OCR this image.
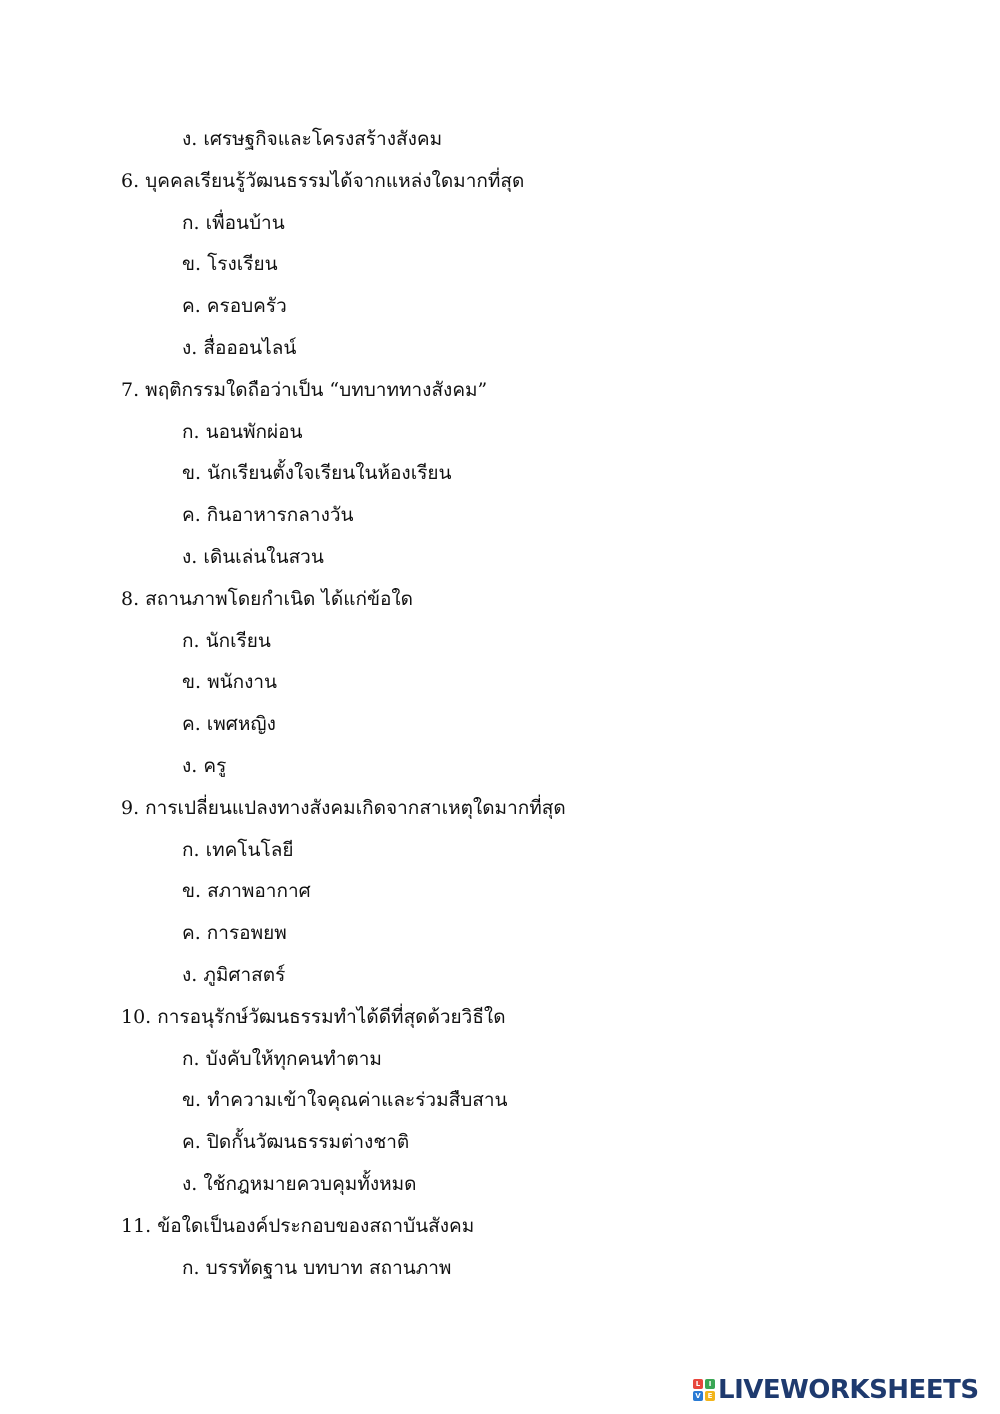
ง. เศรษฐกิจและโครงสร้างสังคม
6. บุคคลเรียนรู้วัฒนธรรมได้จากแหล่งใดมากที่สุด
ก. เพื่อนบ้าน
ข. โรงเรียน
ค. ครอบครัว
ง. สื่อออนไลน์
7. พฤติกรรมใดถือว่าเป็น “บทบาททางสังคม”
ก. นอนพักผ่อน
ข. นักเรียนตั้งใจเรียนในห้องเรียน
ค. กินอาหารกลางวัน
ง. เดินเล่นในสวน
8. สถานภาพโดยกำเนิด ได้แก่ข้อใด
ก. นักเรียน
ข. พนักงาน
ค. เพศหญิง
ง. ครู
9. การเปลี่ยนแปลงทางสังคมเกิดจากสาเหตุใดมากที่สุด
ก. เทคโนโลยี
ข. สภาพอากาศ
ค. การอพยพ
ง. ภูมิศาสตร์
10. การอนุรักษ์วัฒนธรรมทำได้ดีที่สุดด้วยวิธีใด
ก. บังคับให้ทุกคนทำตาม
ข. ทำความเข้าใจคุณค่าและร่วมสืบสาน
ค. ปิดกั้นวัฒนธรรมต่างชาติ
ง. ใช้กฎหมายควบคุมทั้งหมด
11. ข้อใดเป็นองค์ประกอบของสถาบันสังคม
ก. บรรทัดฐาน บทบาท สถานภาพ
L	I
V E LIVEWORKSHEETS
